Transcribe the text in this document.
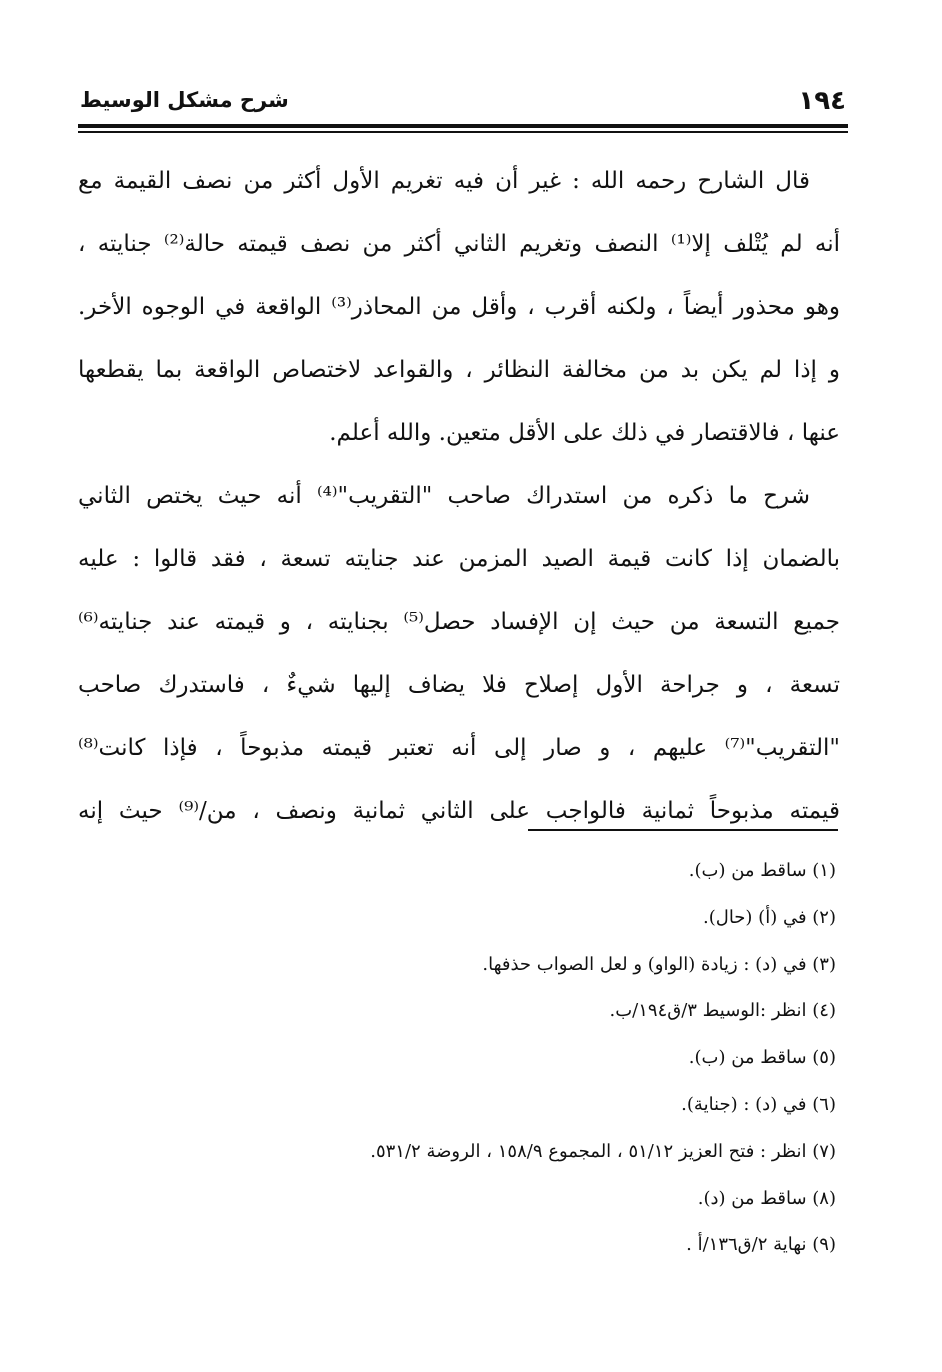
١٩٤
شرح مشكل الوسيط
قال الشارح رحمه الله : غير أن فيه تغريم الأول أكثر من نصف القيمة مع
أنه لم يُتْلف إلا⁽¹⁾ النصف وتغريم الثاني أكثر من نصف قيمته حالة⁽²⁾ جنايته ،
وهو محذور أيضاً ، ولكنه أقرب ، وأقل من المحاذر⁽³⁾ الواقعة في الوجوه الأخر.
و إذا لم يكن بد من مخالفة النظائر ، والقواعد لاختصاص الواقعة بما يقطعها
عنها ، فالاقتصار في ذلك على الأقل متعين. والله أعلم.
شرح ما ذكره من استدراك صاحب "التقريب"⁽⁴⁾ أنه حيث يختص الثاني
بالضمان إذا كانت قيمة الصيد المزمن عند جنايته تسعة ، فقد قالوا : عليه
جميع التسعة من حيث إن الإفساد حصل⁽⁵⁾ بجنايته ، و قيمته عند جنايته⁽⁶⁾
تسعة ، و جراحة الأول إصلاح فلا يضاف إليها شيءٌ ، فاستدرك صاحب
"التقريب"⁽⁷⁾ عليهم ، و صار إلى أنه تعتبر قيمته مذبوحاً ، فإذا كانت⁽⁸⁾
قيمته مذبوحاً ثمانية فالواجب على الثاني ثمانية ونصف ، من/⁽⁹⁾ حيث إنه
(١) ساقط من (ب).
(٢) في (أ) (حال).
(٣) في (د) : زيادة (الواو) و لعل الصواب حذفها.
(٤) انظر :الوسيط ٣/ق١٩٤/ب.
(٥) ساقط من (ب).
(٦) في (د) : (جناية).
(٧) انظر : فتح العزيز ٥١/١٢ ، المجموع ١٥٨/٩ ، الروضة ٥٣١/٢.
(٨) ساقط من (د).
(٩) نهاية ٢/ق١٣٦/أ .
